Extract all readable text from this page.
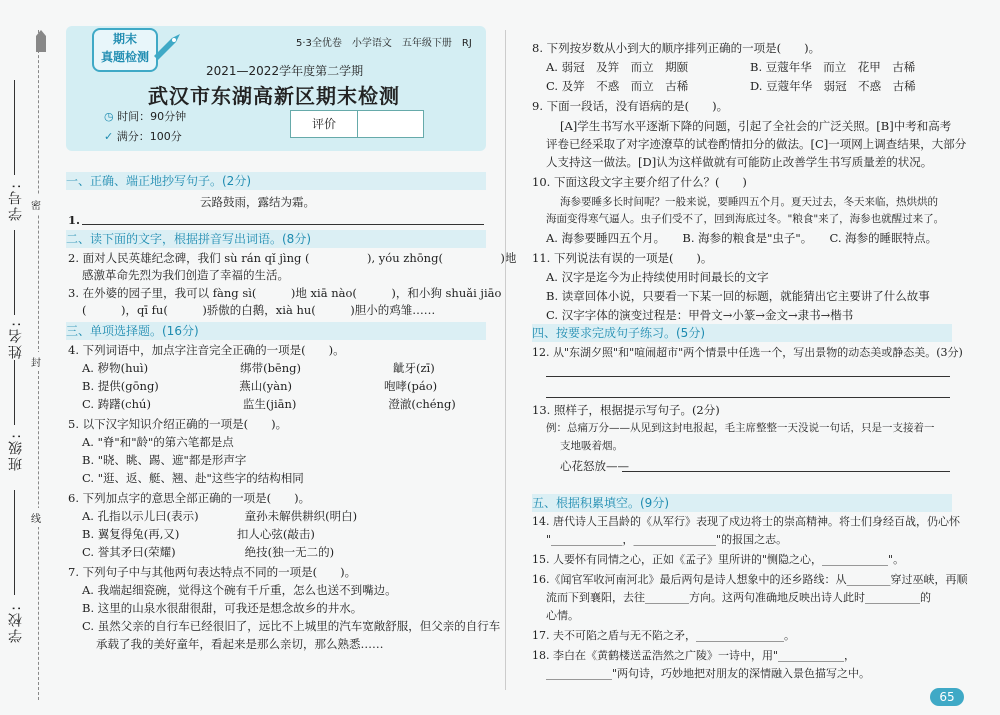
密
封
线
学号:
姓名:
班级:
学校:
期末
真题检测
5·3全优卷　小学语文　五年级下册　RJ
2021—2022学年度第二学期
武汉市东湖高新区期末检测
◷ 时间：90分钟
✓ 满分：100分
评价
一、正确、端正地抄写句子。(2分)
云路鼓雨，露结为霜。
1.
二、读下面的文字，根据拼音写出词语。(8分)
2. 面对人民英雄纪念碑，我们 sù rán qǐ jìng (　　　　　), yóu zhōng(　　　　　)地
感激革命先烈为我们创造了幸福的生活。
3. 在外婆的园子里，我可以 fàng sì(　　　)地 xiā nào(　　　)，和小狗 shuǎi jiāo
(　　　)，qī fu(　　　)骄傲的白鹅，xià hu(　　　)胆小的鸡雏……
三、单项选择题。(16分)
4. 下列词语中，加点字注音完全正确的一项是(　　)。
A. 秽物(huì)　　　　　　　　绑带(bēng)　　　　　　　　龇牙(zī)
B. 提供(gōng)　　　　　　　燕山(yàn)　　　　　　　　咆哮(páo)
C. 踌躇(chú)　　　　　　　　监生(jiān)　　　　　　　　澄澈(chéng)
5. 以下汉字知识介绍正确的一项是(　　)。
A. "脊"和"龄"的第六笔都是点
B. "晓、眺、踢、遮"都是形声字
C. "逛、返、艇、翘、赴"这些字的结构相同
6. 下列加点字的意思全部正确的一项是(　　)。
A. 孔指以示儿曰(表示)　　　　童孙未解供耕织(明白)
B. 翼复得兔(再,又)　　　　　扣人心弦(敲击)
C. 誉其矛曰(荣耀)　　　　　　绝技(独一无二的)
7. 下列句子中与其他两句表达特点不同的一项是(　　)。
A. 我端起细瓷碗，觉得这个碗有千斤重，怎么也送不到嘴边。
B. 这里的山泉水很甜很甜，可我还是想念故乡的井水。
C. 虽然父亲的自行车已经很旧了，远比不上城里的汽车宽敞舒服，但父亲的自行车
承载了我的美好童年，看起来是那么亲切，那么熟悉……
8. 下列按岁数从小到大的顺序排列正确的一项是(　　)。
A. 弱冠　及笄　而立　期颐	B. 豆蔻年华　而立　花甲　古稀
C. 及笄　不惑　而立　古稀	D. 豆蔻年华　弱冠　不惑　古稀
9. 下面一段话，没有语病的是(　　)。
[A]学生书写水平逐渐下降的问题，引起了全社会的广泛关照。[B]中考和高考
评卷已经采取了对字迹潦草的试卷酌情扣分的做法。[C]一项网上调查结果，大部分
人支持这一做法。[D]认为这样做就有可能防止改善学生书写质量差的状况。
10. 下面这段文字主要介绍了什么？(　　)
海参要睡多长时间呢？一般来说，要睡四五个月。夏天过去，冬天来临，热烘烘的
海面变得寒气逼人。虫子们受不了，回到海底过冬。"粮食"来了，海参也就醒过来了。
A. 海参要睡四五个月。　　B. 海参的粮食是"虫子"。　　C. 海参的睡眠特点。
11. 下列说法有误的一项是(　　)。
A. 汉字是迄今为止持续使用时间最长的文字
B. 读章回体小说，只要看一下某一回的标题，就能猜出它主要讲了什么故事
C. 汉字字体的演变过程是：甲骨文→小篆→金文→隶书→楷书
四、按要求完成句子练习。(5分)
12. 从"东湖夕照"和"喧闹超市"两个情景中任选一个，写出景物的动态美或静态美。(3分)
13. 照样子，根据提示写句子。(2分)
例：总痛万分——从见到这封电报起，毛主席整整一天没说一句话，只是一支接着一
支地吸着烟。
心花怒放——
五、根据积累填空。(9分)
14. 唐代诗人王昌龄的《从军行》表现了戍边将士的崇高精神。将士们身经百战，仍心怀
"_____________，_______________"的报国之志。
15. 人要怀有同情之心，正如《孟子》里所讲的"恻隐之心，____________"。
16.《闻官军收河南河北》最后两句是诗人想象中的还乡路线：从________穿过巫峡，再顺
流而下到襄阳，去往________方向。这两句准确地反映出诗人此时__________的
心情。
17. 夫不可陷之盾与无不陷之矛，________________。
18. 李白在《黄鹤楼送孟浩然之广陵》一诗中，用"____________，
____________"两句诗，巧妙地把对朋友的深情融入景色描写之中。
65
